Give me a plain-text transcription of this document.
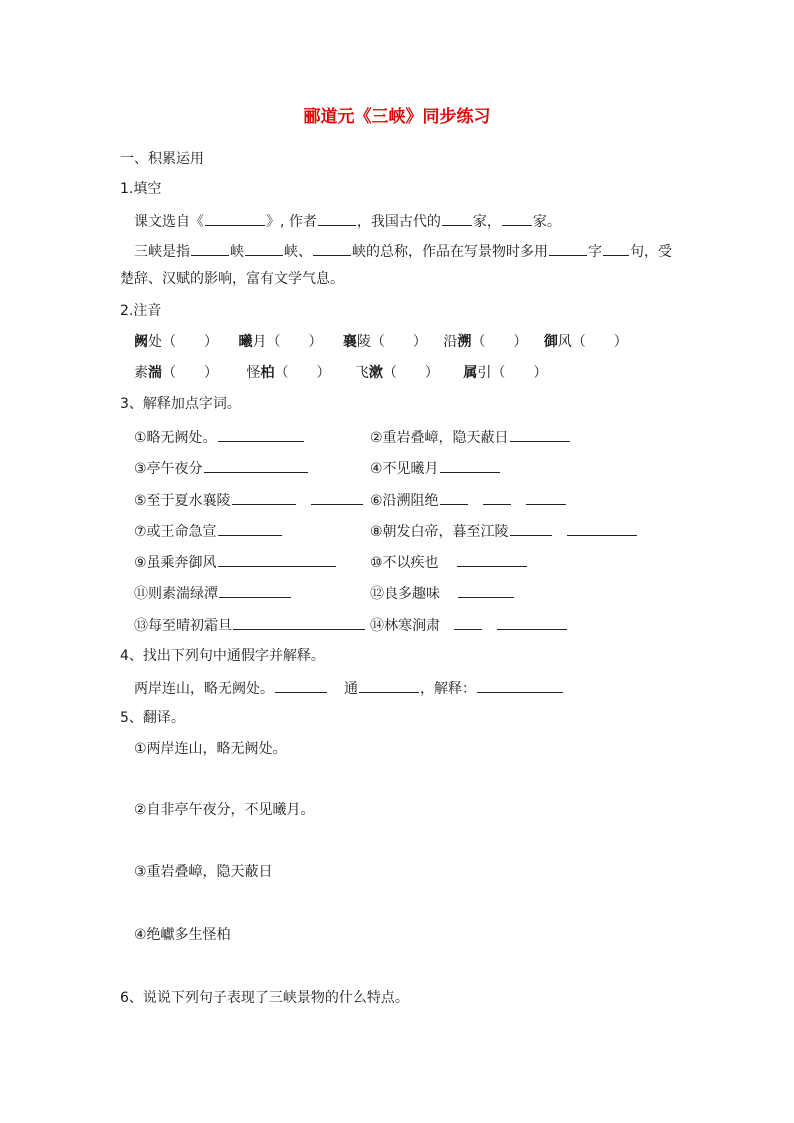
郦道元《三峡》同步练习
一、积累运用
1.填空
课文选自《	》, 作者	，我国古代的 家， 家。
三峡是指	峡	峡、	峡的总称，作品在写景物时多用	字 句，受
楚辞、汉赋的影响，富有文学气息。
2.注音
阙处（　　） 曦月（　　） 襄陵（　　） 沿溯（　　） 御风（　　）
素湍（　　） 怪柏（　　） 飞漱（　　） 属引（　　）
3、解释加点字词。
①略无阙处。	②重岩叠嶂，隐天蔽日
③亭午夜分	④不见曦月
⑤至于夏水襄陵	⑥沿溯阻绝
⑦或王命急宣	⑧朝发白帝，暮至江陵
⑨虽乘奔御风	⑩不以疾也
⑪则素湍绿潭	⑫良多趣味
⑬每至晴初霜旦	⑭林寒涧肃
4、找出下列句中通假字并解释。
两岸连山，略无阙处。	通	，解释：
5、翻译。
①两岸连山，略无阙处。
②自非亭午夜分，不见曦月。
③重岩叠嶂，隐天蔽日
④绝巘多生怪柏
6、说说下列句子表现了三峡景物的什么特点。
